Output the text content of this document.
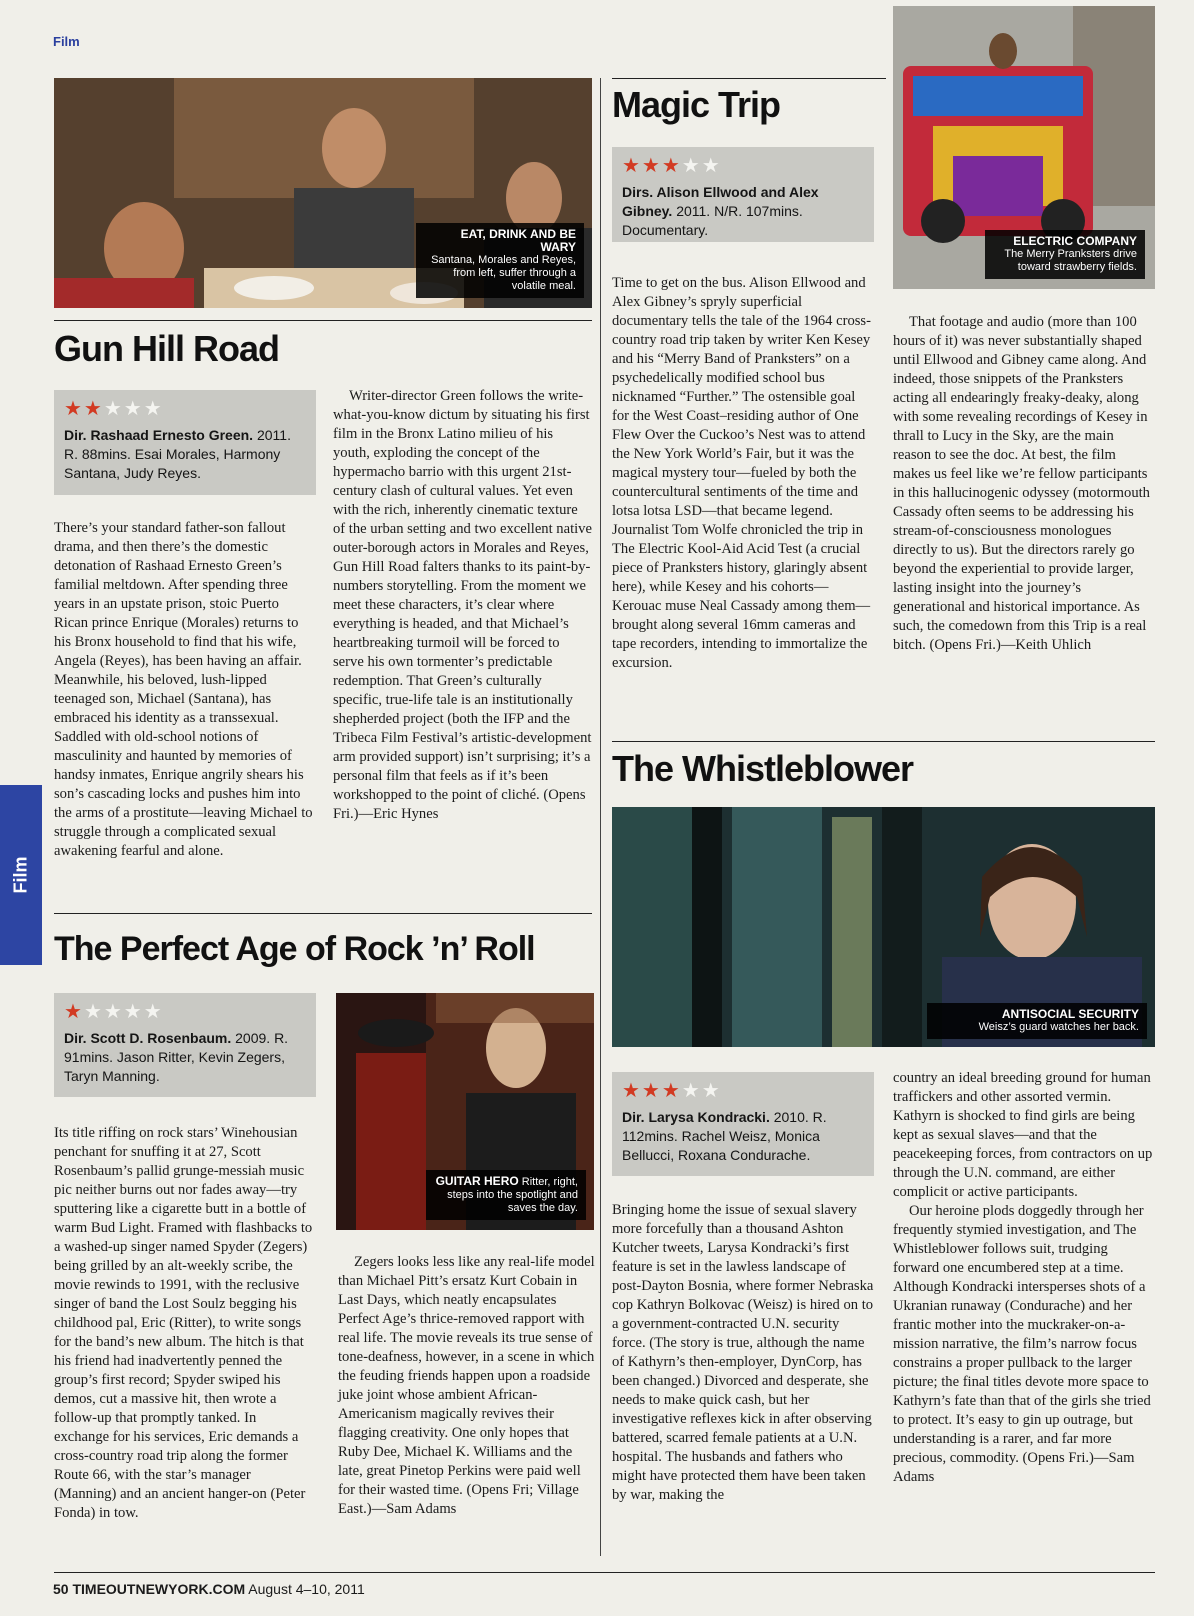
Film
Film
EAT, DRINK AND BE WARY
Santana, Morales and Reyes, from left, suffer through a volatile meal.
Gun Hill Road
★★★★★
Dir. Rashaad Ernesto Green. 2011. R. 88mins. Esai Morales, Harmony Santana, Judy Reyes.

There’s your standard father-son fallout drama, and then there’s the domestic detonation of Rashaad Ernesto Green’s familial meltdown. After spending three years in an upstate prison, stoic Puerto Rican prince Enrique (Morales) returns to his Bronx household to find that his wife, Angela (Reyes), has been having an affair. Meanwhile, his beloved, lush-lipped teenaged son, Michael (Santana), has embraced his identity as a transsexual. Saddled with old-school notions of masculinity and haunted by memories of handsy inmates, Enrique angrily shears his son’s cascading locks and pushes him into the arms of a prostitute—leaving Michael to struggle through a complicated sexual awakening fearful and alone.

Writer-director Green follows the write-what-you-know dictum by situating his first film in the Bronx Latino milieu of his youth, exploding the concept of the hypermacho barrio with this urgent 21st-century clash of cultural values. Yet even with the rich, inherently cinematic texture of the urban setting and two excellent native outer-borough actors in Morales and Reyes, Gun Hill Road falters thanks to its paint-by-numbers storytelling. From the moment we meet these characters, it’s clear where everything is headed, and that Michael’s heartbreaking turmoil will be forced to serve his own tormenter’s predictable redemption. That Green’s culturally specific, true-life tale is an institutionally shepherded project (both the IFP and the Tribeca Film Festival’s artistic-development arm provided support) isn’t surprising; it’s a personal film that feels as if it’s been workshopped to the point of cliché. (Opens Fri.)—Eric Hynes

The Perfect Age of Rock ’n’ Roll
★★★★★
Dir. Scott D. Rosenbaum. 2009. R. 91mins. Jason Ritter, Kevin Zegers, Taryn Manning.
GUITAR HERO Ritter, right, steps into the spotlight and saves the day.

Its title riffing on rock stars’ Winehousian penchant for snuffing it at 27, Scott Rosenbaum’s pallid grunge-messiah music pic neither burns out nor fades away—try sputtering like a cigarette butt in a bottle of warm Bud Light. Framed with flashbacks to a washed-up singer named Spyder (Zegers) being grilled by an alt-weekly scribe, the movie rewinds to 1991, with the reclusive singer of band the Lost Soulz begging his childhood pal, Eric (Ritter), to write songs for the band’s new album. The hitch is that his friend had inadvertently penned the group’s first record; Spyder swiped his demos, cut a massive hit, then wrote a follow-up that promptly tanked. In exchange for his services, Eric demands a cross-country road trip along the former Route 66, with the star’s manager (Manning) and an ancient hanger-on (Peter Fonda) in tow.

Zegers looks less like any real-life model than Michael Pitt’s ersatz Kurt Cobain in Last Days, which neatly encapsulates Perfect Age’s thrice-removed rapport with real life. The movie reveals its true sense of tone-deafness, however, in a scene in which the feuding friends happen upon a roadside juke joint whose ambient African-Americanism magically revives their flagging creativity. One only hopes that Ruby Dee, Michael K. Williams and the late, great Pinetop Perkins were paid well for their wasted time. (Opens Fri; Village East.)—Sam Adams

Magic Trip
★★★★★
Dirs. Alison Ellwood and Alex Gibney. 2011. N/R. 107mins. Documentary.
ELECTRIC COMPANY
The Merry Pranksters drive toward strawberry fields.

Time to get on the bus. Alison Ellwood and Alex Gibney’s spryly superficial documentary tells the tale of the 1964 cross-country road trip taken by writer Ken Kesey and his “Merry Band of Pranksters” on a psychedelically modified school bus nicknamed “Further.” The ostensible goal for the West Coast–residing author of One Flew Over the Cuckoo’s Nest was to attend the New York World’s Fair, but it was the magical mystery tour—fueled by both the countercultural sentiments of the time and lotsa lotsa LSD—that became legend. Journalist Tom Wolfe chronicled the trip in The Electric Kool-Aid Acid Test (a crucial piece of Pranksters history, glaringly absent here), while Kesey and his cohorts—Kerouac muse Neal Cassady among them—brought along several 16mm cameras and tape recorders, intending to immortalize the excursion.

That footage and audio (more than 100 hours of it) was never substantially shaped until Ellwood and Gibney came along. And indeed, those snippets of the Pranksters acting all endearingly freaky-deaky, along with some revealing recordings of Kesey in thrall to Lucy in the Sky, are the main reason to see the doc. At best, the film makes us feel like we’re fellow participants in this hallucinogenic odyssey (motormouth Cassady often seems to be addressing his stream-of-consciousness monologues directly to us). But the directors rarely go beyond the experiential to provide larger, lasting insight into the journey’s generational and historical importance. As such, the comedown from this Trip is a real bitch. (Opens Fri.)—Keith Uhlich

The Whistleblower
ANTISOCIAL SECURITY
Weisz’s guard watches her back.
★★★★★
Dir. Larysa Kondracki. 2010. R. 112mins. Rachel Weisz, Monica Bellucci, Roxana Condurache.

Bringing home the issue of sexual slavery more forcefully than a thousand Ashton Kutcher tweets, Larysa Kondracki’s first feature is set in the lawless landscape of post-Dayton Bosnia, where former Nebraska cop Kathryn Bolkovac (Weisz) is hired on to a government-contracted U.N. security force. (The story is true, although the name of Kathyrn’s then-employer, DynCorp, has been changed.) Divorced and desperate, she needs to make quick cash, but her investigative reflexes kick in after observing battered, scarred female patients at a U.N. hospital. The husbands and fathers who might have protected them have been taken by war, making the

country an ideal breeding ground for human traffickers and other assorted vermin. Kathyrn is shocked to find girls are being kept as sexual slaves—and that the peacekeeping forces, from contractors on up through the U.N. command, are either complicit or active participants.

Our heroine plods doggedly through her frequently stymied investigation, and The Whistleblower follows suit, trudging forward one encumbered step at a time. Although Kondracki intersperses shots of a Ukranian runaway (Condurache) and her frantic mother into the muckraker-on-a-mission narrative, the film’s narrow focus constrains a proper pullback to the larger picture; the final titles devote more space to Kathyrn’s fate than that of the girls she tried to protect. It’s easy to gin up outrage, but understanding is a rarer, and far more precious, commodity. (Opens Fri.)—Sam Adams

50 TIMEOUTNEWYORK.COM August 4–10, 2011
